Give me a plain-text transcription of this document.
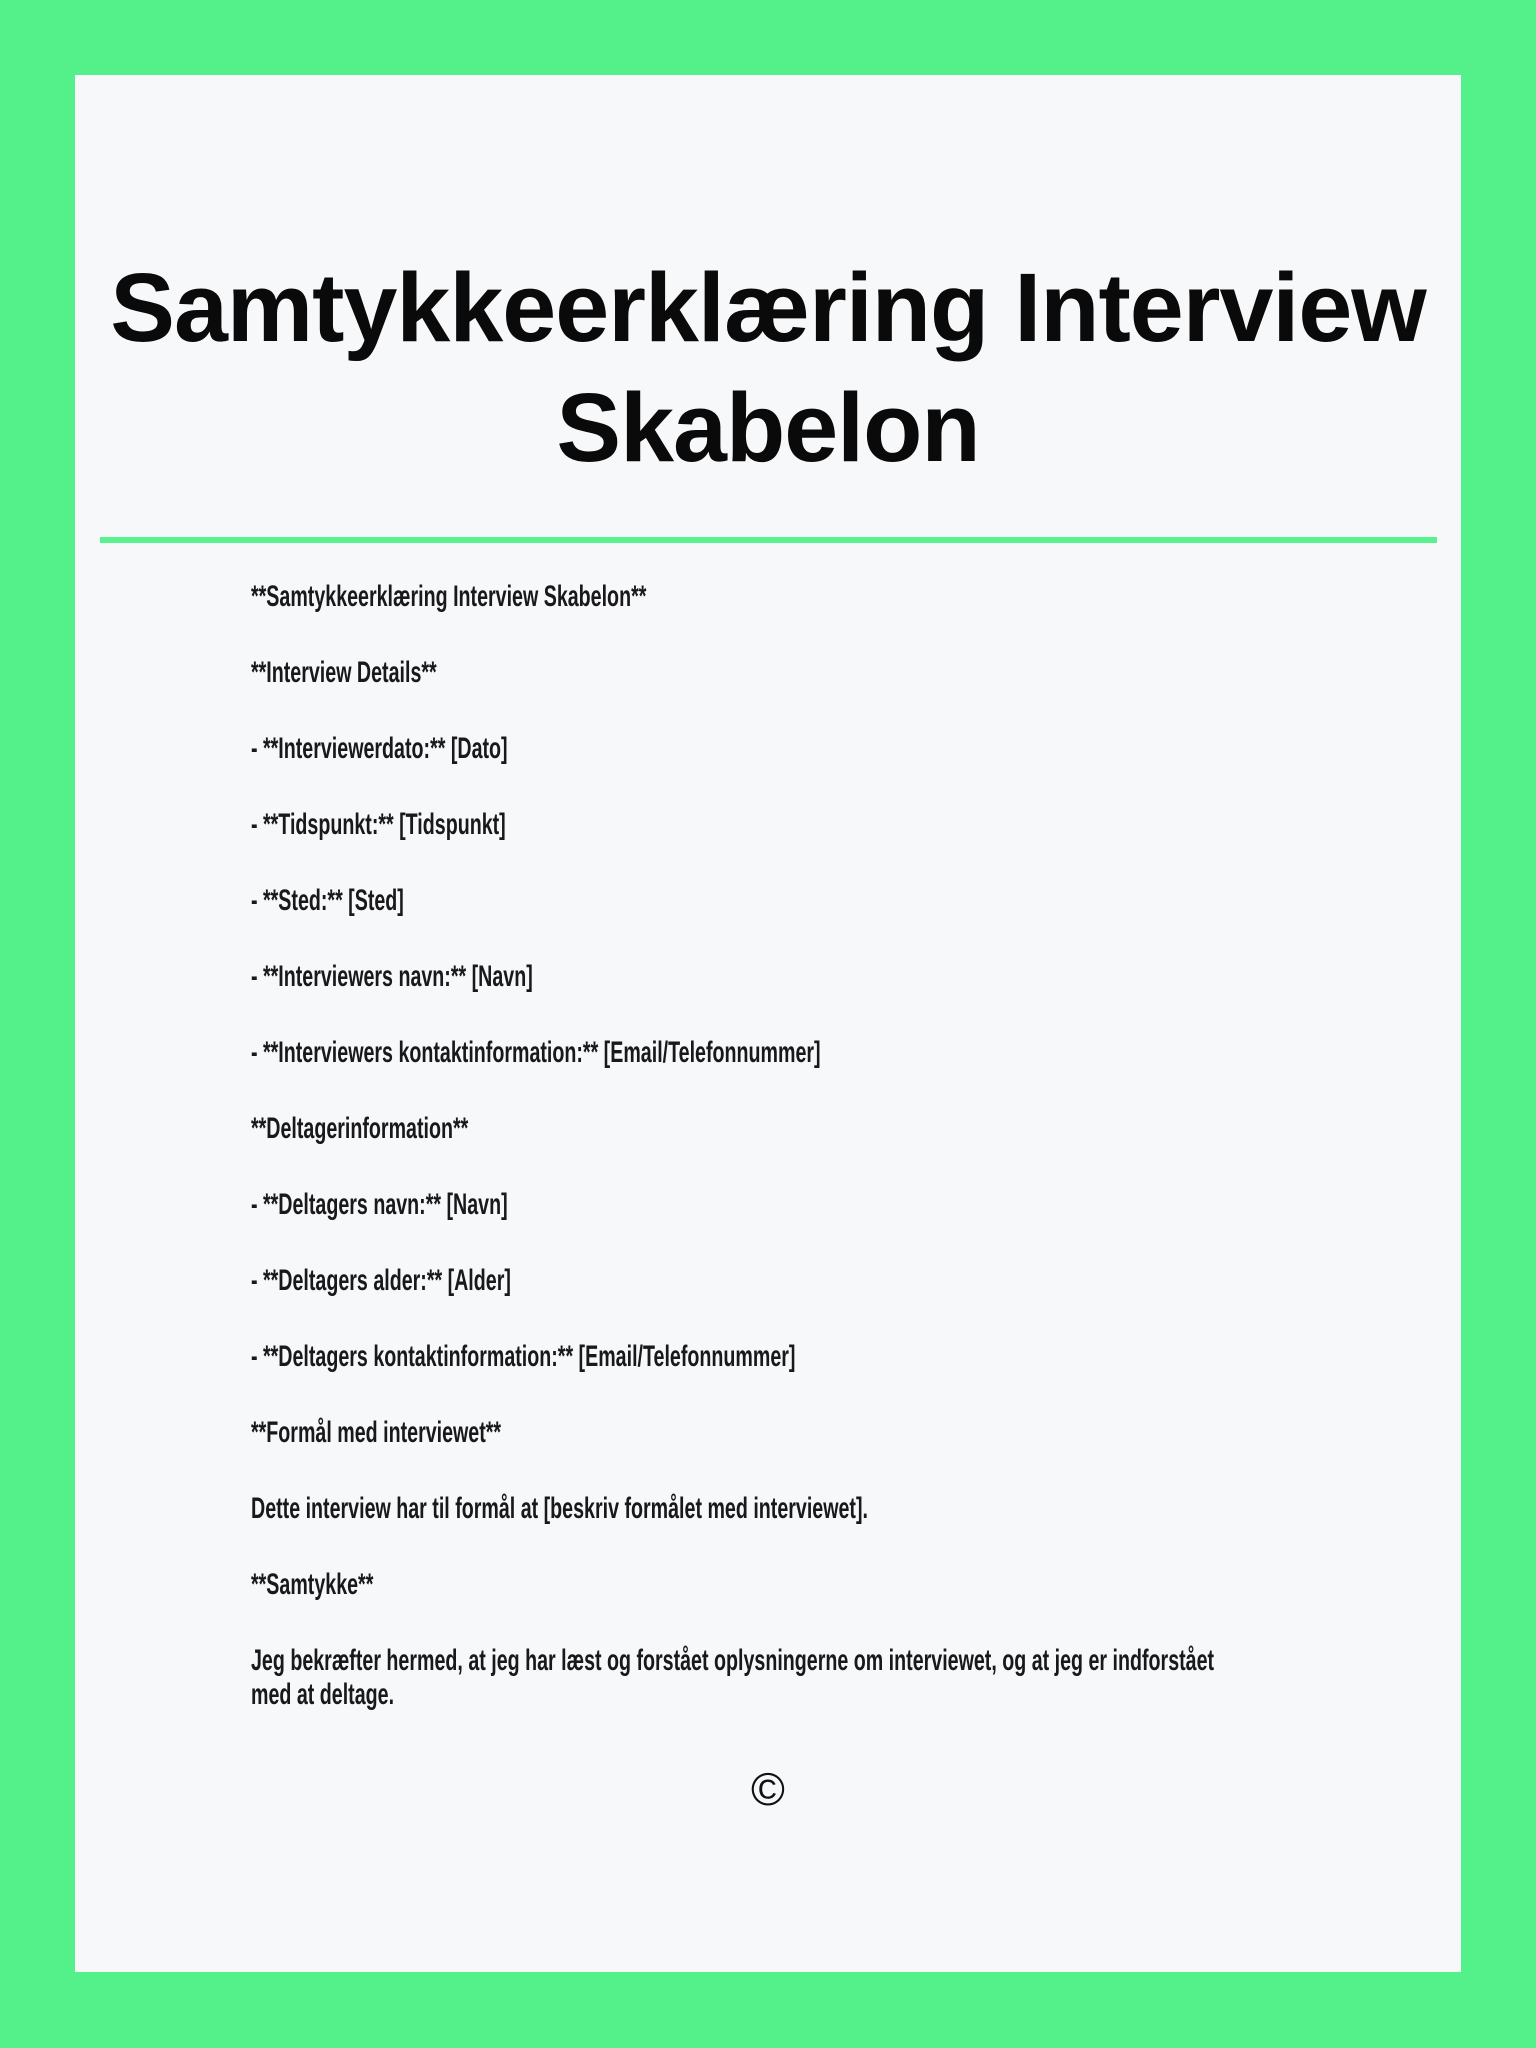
Samtykkeerklæring Interview
Skabelon

**Samtykkeerklæring Interview Skabelon**

**Interview Details**

- **Interviewerdato:** [Dato]

- **Tidspunkt:** [Tidspunkt]

- **Sted:** [Sted]

- **Interviewers navn:** [Navn]

- **Interviewers kontaktinformation:** [Email/Telefonnummer]

**Deltagerinformation**

- **Deltagers navn:** [Navn]

- **Deltagers alder:** [Alder]

- **Deltagers kontaktinformation:** [Email/Telefonnummer]

**Formål med interviewet**

Dette interview har til formål at [beskriv formålet med interviewet].

**Samtykke**

Jeg bekræfter hermed, at jeg har læst og forstået oplysningerne om interviewet, og at jeg er indforstået med at deltage.

©
